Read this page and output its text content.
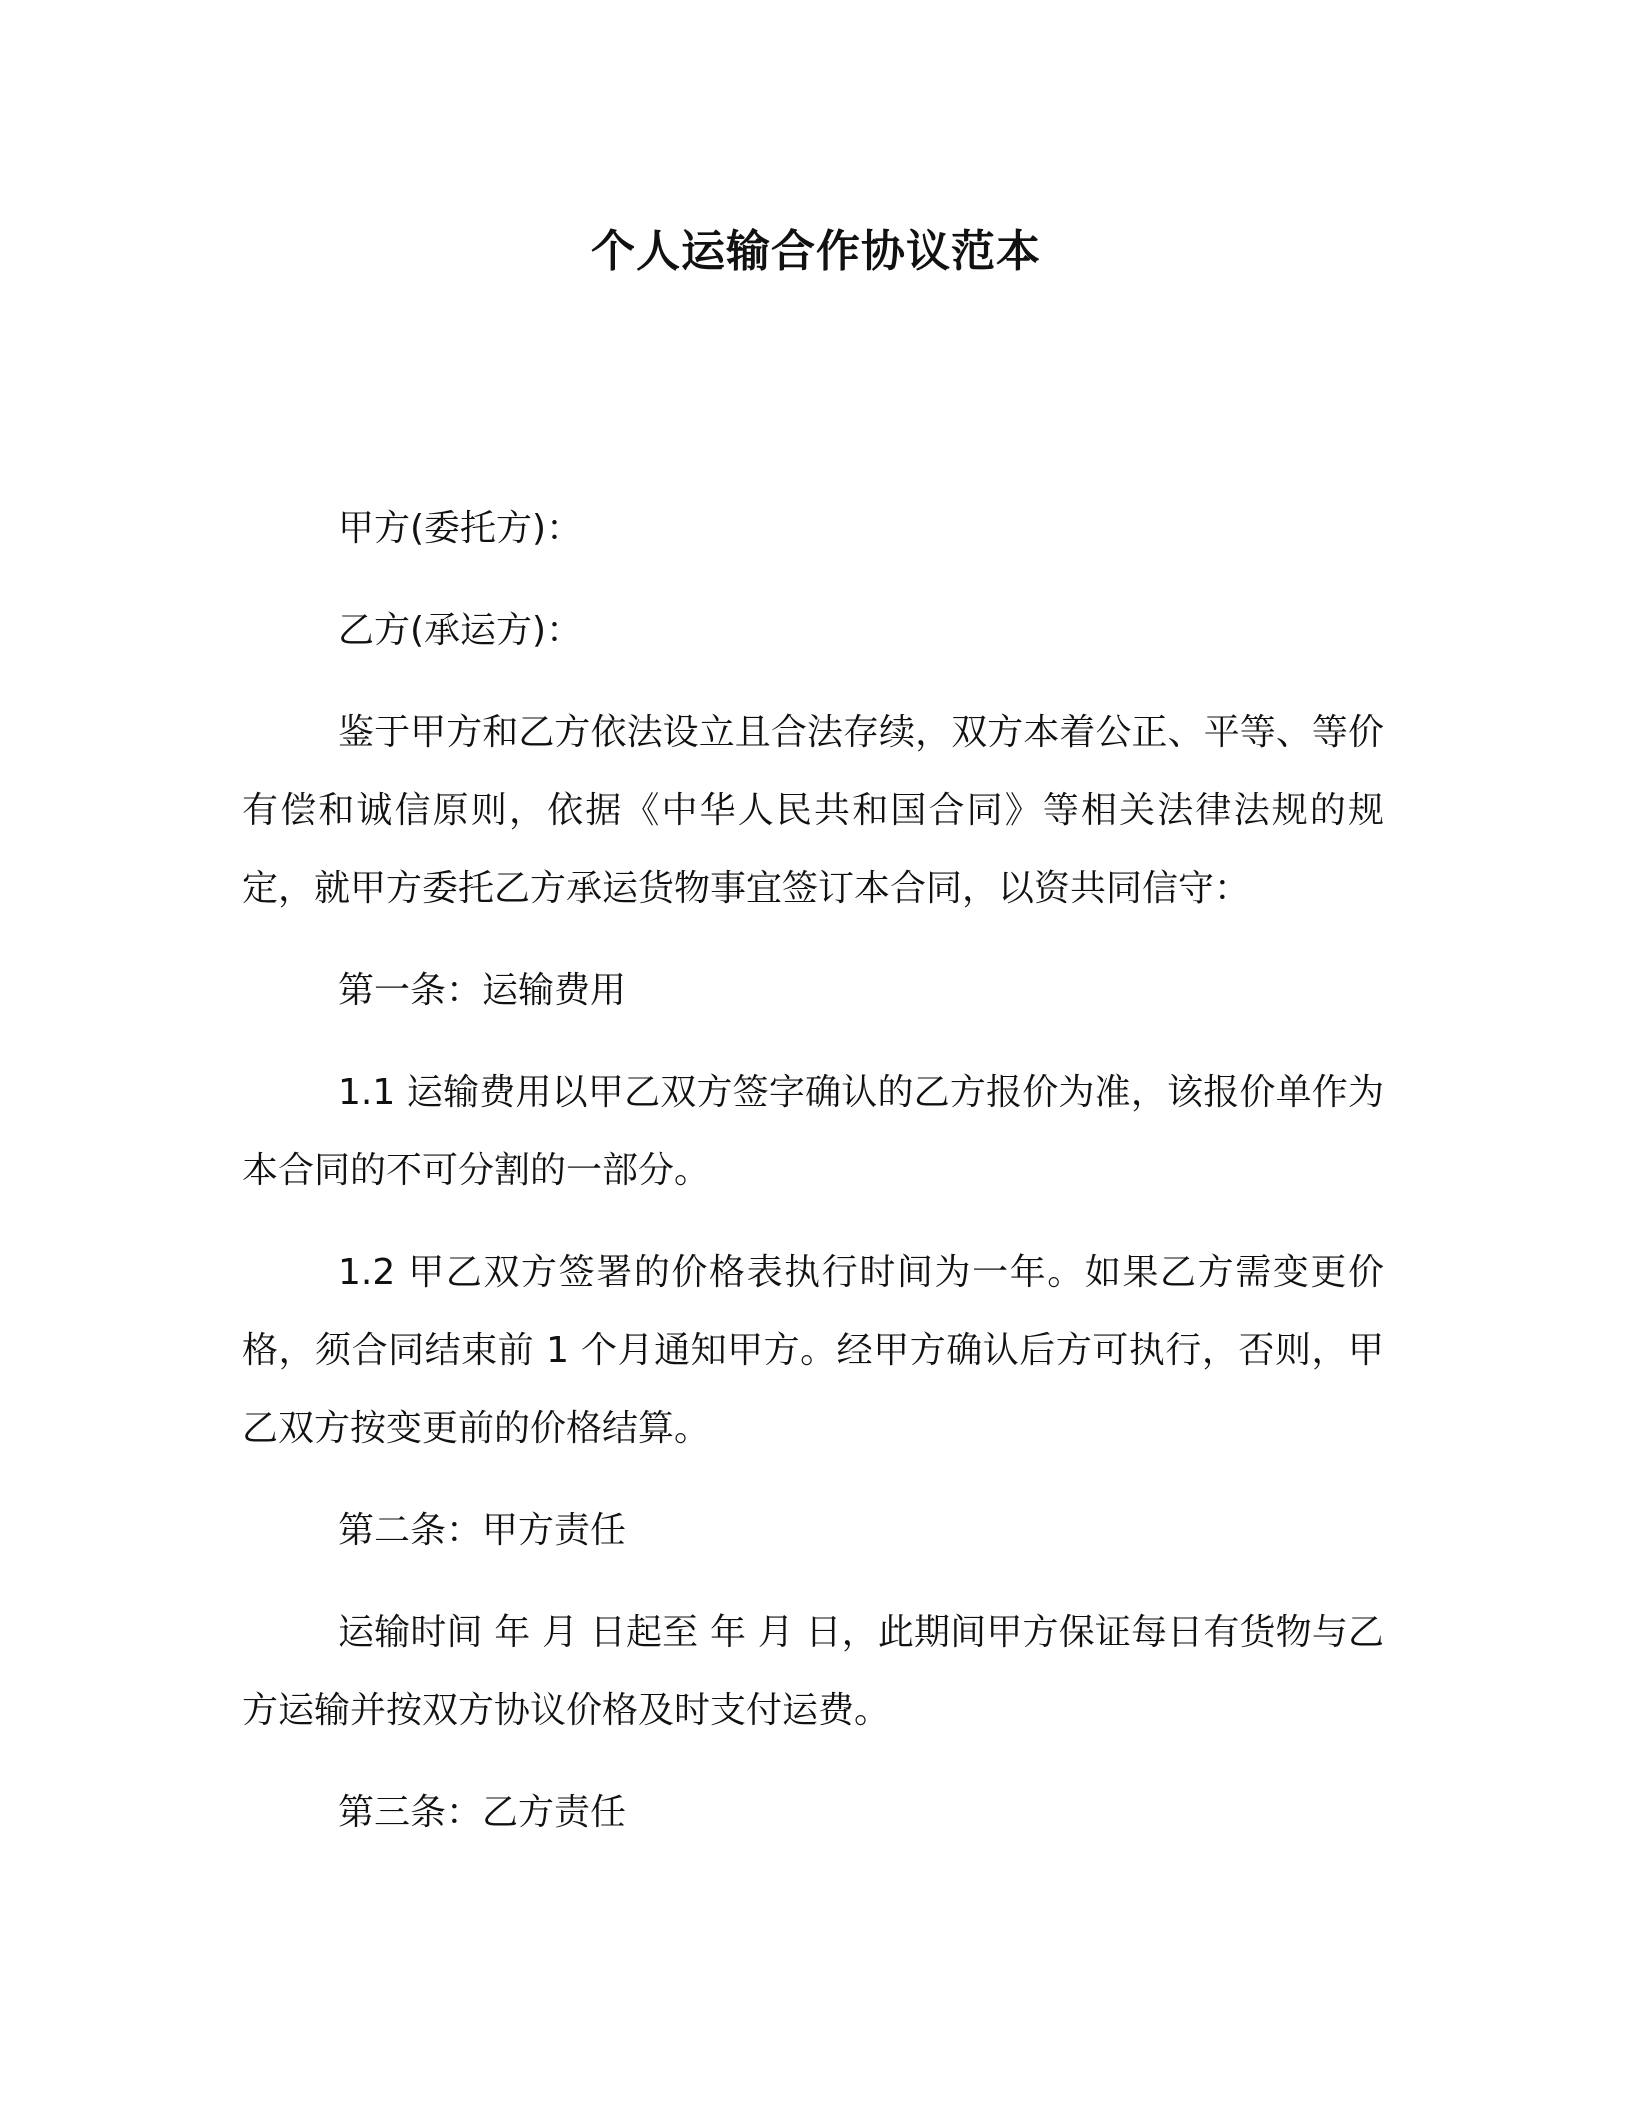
个人运输合作协议范本

甲方(委托方)：

乙方(承运方)：

鉴于甲方和乙方依法设立且合法存续，双方本着公正、平等、等价有偿和诚信原则，依据《中华人民共和国合同》等相关法律法规的规定，就甲方委托乙方承运货物事宜签订本合同，以资共同信守：

第一条：运输费用

1.1 运输费用以甲乙双方签字确认的乙方报价为准，该报价单作为本合同的不可分割的一部分。

1.2 甲乙双方签署的价格表执行时间为一年。如果乙方需变更价格，须合同结束前 1 个月通知甲方。经甲方确认后方可执行，否则，甲乙双方按变更前的价格结算。

第二条：甲方责任

运输时间 年 月 日起至 年 月 日，此期间甲方保证每日有货物与乙方运输并按双方协议价格及时支付运费。

第三条：乙方责任
